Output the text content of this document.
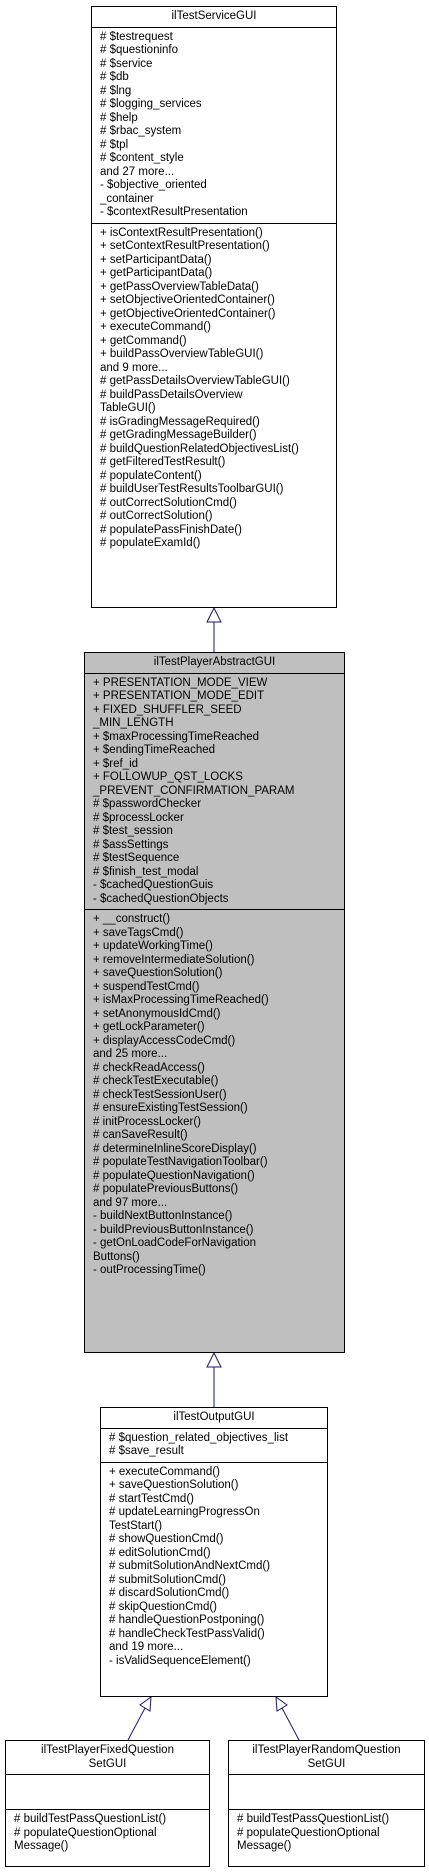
ilTestServiceGUI
# $testrequest
# $questioninfo
# $service
# $db
# $lng
# $logging_services
# $help
# $rbac_system
# $tpl
# $content_style
and 27 more...
- $objective_oriented
_container
- $contextResultPresentation
+ isContextResultPresentation()
+ setContextResultPresentation()
+ setParticipantData()
+ getParticipantData()
+ getPassOverviewTableData()
+ setObjectiveOrientedContainer()
+ getObjectiveOrientedContainer()
+ executeCommand()
+ getCommand()
+ buildPassOverviewTableGUI()
and 9 more...
# getPassDetailsOverviewTableGUI()
# buildPassDetailsOverview
TableGUI()
# isGradingMessageRequired()
# getGradingMessageBuilder()
# buildQuestionRelatedObjectivesList()
# getFilteredTestResult()
# populateContent()
# buildUserTestResultsToolbarGUI()
# outCorrectSolutionCmd()
# outCorrectSolution()
# populatePassFinishDate()
# populateExamId()
ilTestPlayerAbstractGUI
+ PRESENTATION_MODE_VIEW
+ PRESENTATION_MODE_EDIT
+ FIXED_SHUFFLER_SEED
_MIN_LENGTH
+ $maxProcessingTimeReached
+ $endingTimeReached
+ $ref_id
+ FOLLOWUP_QST_LOCKS
_PREVENT_CONFIRMATION_PARAM
# $passwordChecker
# $processLocker
# $test_session
# $assSettings
# $testSequence
# $finish_test_modal
- $cachedQuestionGuis
- $cachedQuestionObjects
+ __construct()
+ saveTagsCmd()
+ updateWorkingTime()
+ removeIntermediateSolution()
+ saveQuestionSolution()
+ suspendTestCmd()
+ isMaxProcessingTimeReached()
+ setAnonymousIdCmd()
+ getLockParameter()
+ displayAccessCodeCmd()
and 25 more...
# checkReadAccess()
# checkTestExecutable()
# checkTestSessionUser()
# ensureExistingTestSession()
# initProcessLocker()
# canSaveResult()
# determineInlineScoreDisplay()
# populateTestNavigationToolbar()
# populateQuestionNavigation()
# populatePreviousButtons()
and 97 more...
- buildNextButtonInstance()
- buildPreviousButtonInstance()
- getOnLoadCodeForNavigation
Buttons()
- outProcessingTime()
ilTestOutputGUI
# $question_related_objectives_list
# $save_result
+ executeCommand()
+ saveQuestionSolution()
# startTestCmd()
# updateLearningProgressOn
TestStart()
# showQuestionCmd()
# editSolutionCmd()
# submitSolutionAndNextCmd()
# submitSolutionCmd()
# discardSolutionCmd()
# skipQuestionCmd()
# handleQuestionPostponing()
# handleCheckTestPassValid()
and 19 more...
- isValidSequenceElement()
ilTestPlayerFixedQuestion
SetGUI
# buildTestPassQuestionList()
# populateQuestionOptional
Message()
ilTestPlayerRandomQuestion
SetGUI
# buildTestPassQuestionList()
# populateQuestionOptional
Message()
